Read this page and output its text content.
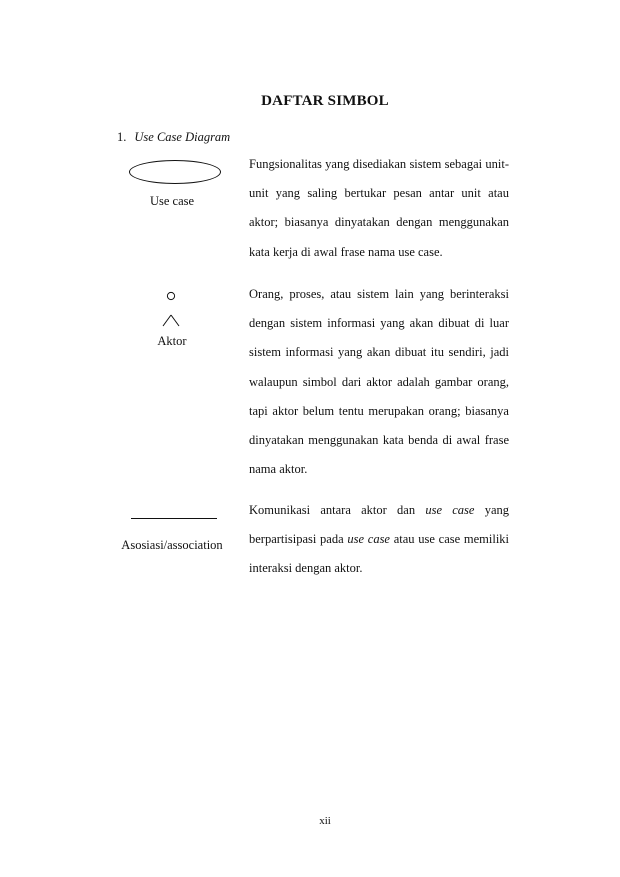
DAFTAR SIMBOL
1. Use Case Diagram
Use case

Fungsionalitas yang disediakan sistem sebagai unit-unit yang saling bertukar pesan antar unit atau aktor; biasanya dinyatakan dengan menggunakan kata kerja di awal frase nama use case.

Aktor

Orang, proses, atau sistem lain yang berinteraksi dengan sistem informasi yang akan dibuat di luar sistem informasi yang akan dibuat itu sendiri, jadi walaupun simbol dari aktor adalah gambar orang, tapi aktor belum tentu merupakan orang; biasanya dinyatakan menggunakan kata benda di awal frase nama aktor.

Asosiasi/association

Komunikasi antara aktor dan use case yang berpartisipasi pada use case atau use case memiliki interaksi dengan aktor.

xii
